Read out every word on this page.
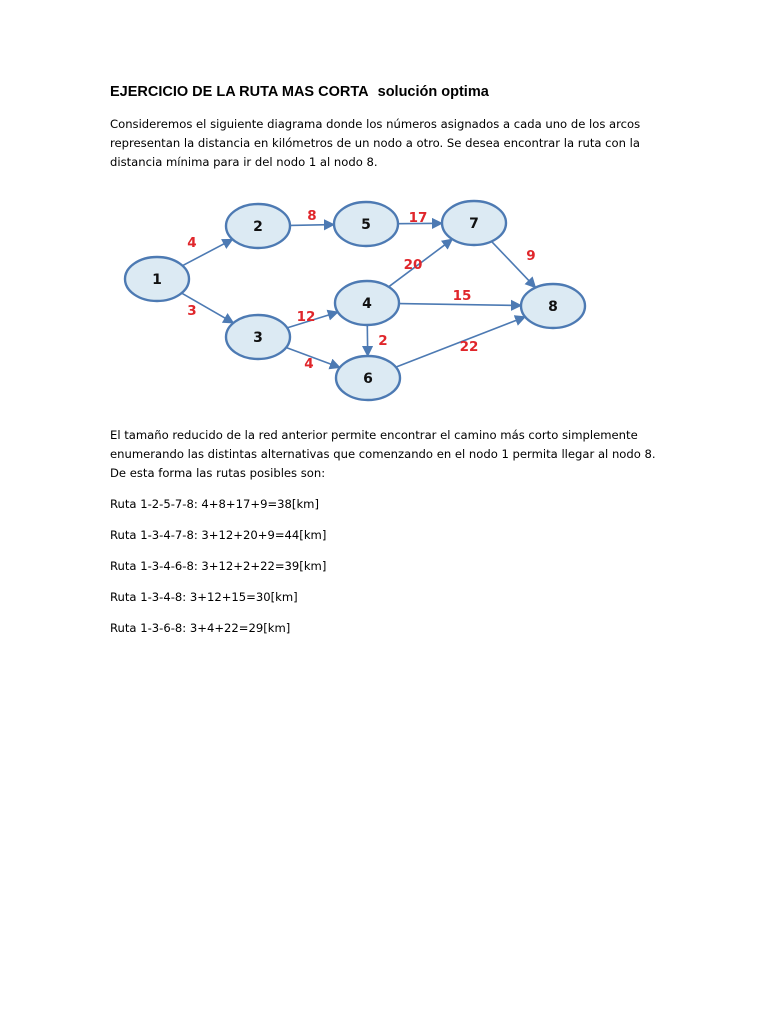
EJERCICIO DE LA RUTA MAS CORTA solución optima

Consideremos el siguiente diagrama donde los números asignados a cada uno de los arcos
representan la distancia en kilómetros de un nodo a otro. Se desea encontrar la ruta con la
distancia mínima para ir del nodo 1 al nodo 8.

1
2
3
4
5
6
7
8
4
3
8	17
12
4
20
15
2
9
22

El tamaño reducido de la red anterior permite encontrar el camino más corto simplemente
enumerando las distintas alternativas que comenzando en el nodo 1 permita llegar al nodo 8.
De esta forma las rutas posibles son:

Ruta 1-2-5-7-8: 4+8+17+9=38[km]

Ruta 1-3-4-7-8: 3+12+20+9=44[km]

Ruta 1-3-4-6-8: 3+12+2+22=39[km]

Ruta 1-3-4-8: 3+12+15=30[km]

Ruta 1-3-6-8: 3+4+22=29[km]
